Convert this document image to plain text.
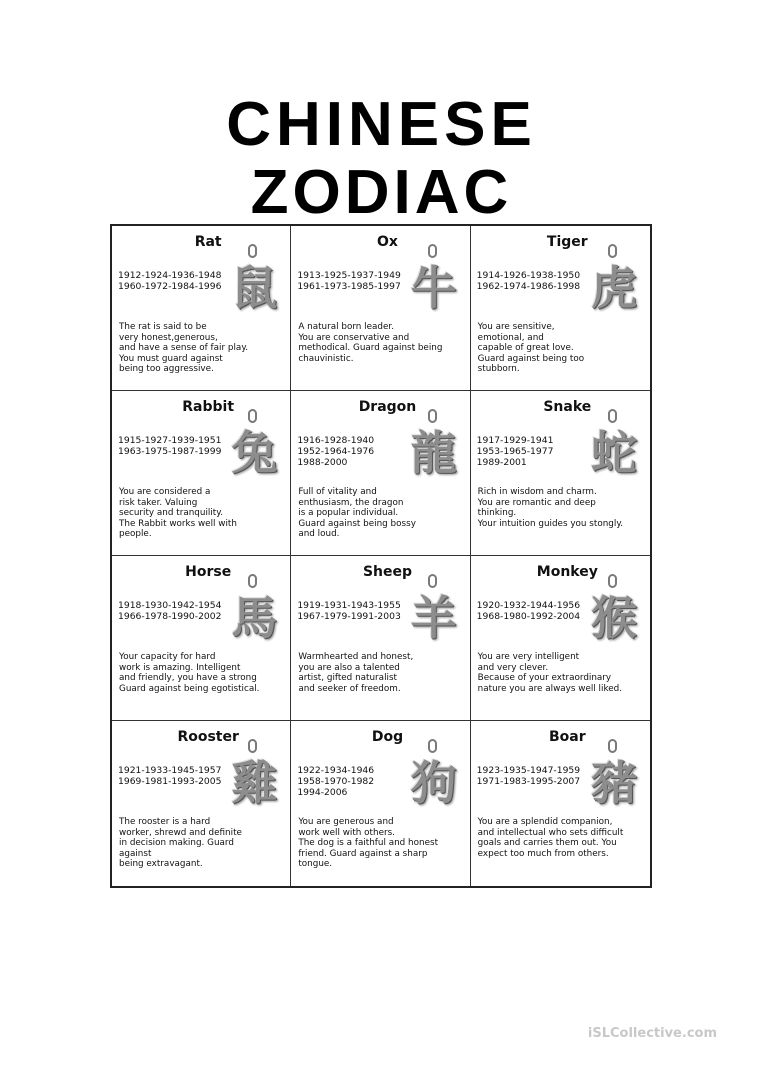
CHINESE
ZODIAC
Rat
1912-1924-1936-1948
1960-1972-1984-1996
The rat is said to be
very honest,generous,
and have a sense of fair play.
You must guard against
being too aggressive.
鼠
Ox
1913-1925-1937-1949
1961-1973-1985-1997
A natural born leader.
You are conservative and
methodical. Guard against being
chauvinistic.
牛
Tiger
1914-1926-1938-1950
1962-1974-1986-1998
You are sensitive,
emotional, and
capable of great love.
Guard against being too
stubborn.
虎
Rabbit
1915-1927-1939-1951
1963-1975-1987-1999
You are considered a
risk taker. Valuing
security and tranquility.
The Rabbit works well with people.
兔
Dragon
1916-1928-1940
1952-1964-1976
1988-2000
Full of vitality and
enthusiasm, the dragon
is a popular individual.
Guard against being bossy
and loud.
龍
Snake
1917-1929-1941
1953-1965-1977
1989-2001
Rich in wisdom and charm.
You are romantic and deep
thinking.
Your intuition guides you stongly.
蛇
Horse
1918-1930-1942-1954
1966-1978-1990-2002
Your capacity for hard
work is amazing. Intelligent
and friendly, you have a strong
Guard against being egotistical.
馬
Sheep
1919-1931-1943-1955
1967-1979-1991-2003
Warmhearted and honest,
you are also a talented
artist, gifted naturalist
and seeker of freedom.
羊
Monkey
1920-1932-1944-1956
1968-1980-1992-2004
You are very intelligent
and very clever.
Because of your extraordinary
nature you are always well liked.
猴
Rooster
1921-1933-1945-1957
1969-1981-1993-2005
The rooster is a hard
worker, shrewd and definite
in decision making. Guard against
being extravagant.
雞
Dog
1922-1934-1946
1958-1970-1982
1994-2006
You are generous and
work well with others.
The dog is a faithful and honest
friend. Guard against a sharp
tongue.
狗
Boar
1923-1935-1947-1959
1971-1983-1995-2007
You are a splendid companion,
and intellectual who sets difficult
goals and carries them out. You
expect too much from others.
豬
iSLCollective.com
